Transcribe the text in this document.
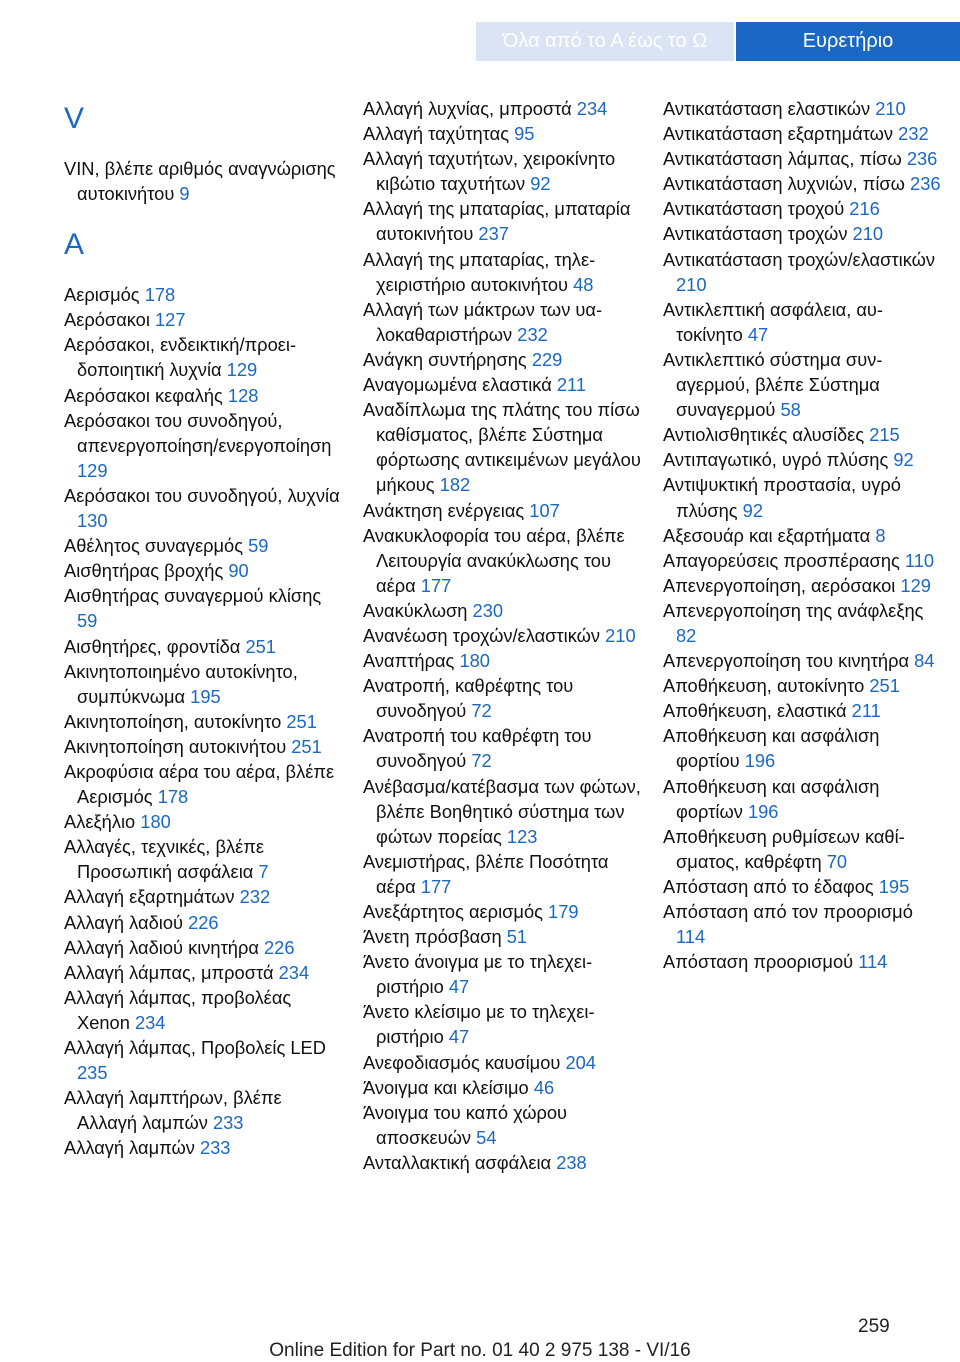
Όλα από το Α έως το Ω	Ευρετήριο
V
VIN, βλέπε αριθμός αναγνώρισης αυτοκινήτου 9
A
Αερισμός 178
Αερόσακοι 127
Αερόσακοι, ενδεικτική/προειδοποιητική λυχνία 129
Αερόσακοι κεφαλής 128
Αερόσακοι του συνοδηγού, απενεργοποίηση/ενεργοποίηση 129
Αερόσακοι του συνοδηγού, λυχνία 130
Αθέλητος συναγερμός 59
Αισθητήρας βροχής 90
Αισθητήρας συναγερμού κλίσης 59
Αισθητήρες, φροντίδα 251
Ακινητοποιημένο αυτοκίνητο, συμπύκνωμα 195
Ακινητοποίηση, αυτοκίνητο 251
Ακινητοποίηση αυτοκινήτου 251
Ακροφύσια αέρα του αέρα, βλέπε Αερισμός 178
Αλεξήλιο 180
Αλλαγές, τεχνικές, βλέπε Προσωπική ασφάλεια 7
Αλλαγή εξαρτημάτων 232
Αλλαγή λαδιού 226
Αλλαγή λαδιού κινητήρα 226
Αλλαγή λάμπας, μπροστά 234
Αλλαγή λάμπας, προβολέας Xenon 234
Αλλαγή λάμπας, Προβολείς LED 235
Αλλαγή λαμπτήρων, βλέπε Αλλαγή λαμπών 233
Αλλαγή λαμπών 233
Αλλαγή λυχνίας, μπροστά 234
Αλλαγή ταχύτητας 95
Αλλαγή ταχυτήτων, χειροκίνητο κιβώτιο ταχυτήτων 92
Αλλαγή της μπαταρίας, μπαταρία αυτοκινήτου 237
Αλλαγή της μπαταρίας, τηλεχειριστήριο αυτοκινήτου 48
Αλλαγή των μάκτρων των υαλοκαθαριστήρων 232
Ανάγκη συντήρησης 229
Αναγομωμένα ελαστικά 211
Αναδίπλωμα της πλάτης του πίσω καθίσματος, βλέπε Σύστημα φόρτωσης αντικειμένων μεγάλου μήκους 182
Ανάκτηση ενέργειας 107
Ανακυκλοφορία του αέρα, βλέπε Λειτουργία ανακύκλωσης του αέρα 177
Ανακύκλωση 230
Ανανέωση τροχών/ελαστικών 210
Αναπτήρας 180
Ανατροπή, καθρέφτης του συνοδηγού 72
Ανατροπή του καθρέφτη του συνοδηγού 72
Ανέβασμα/κατέβασμα των φώτων, βλέπε Βοηθητικό σύστημα των φώτων πορείας 123
Ανεμιστήρας, βλέπε Ποσότητα αέρα 177
Ανεξάρτητος αερισμός 179
Άνετη πρόσβαση 51
Άνετο άνοιγμα με το τηλεχειριστήριο 47
Άνετο κλείσιμο με το τηλεχειριστήριο 47
Ανεφοδιασμός καυσίμου 204
Άνοιγμα και κλείσιμο 46
Άνοιγμα του καπό χώρου αποσκευών 54
Ανταλλακτική ασφάλεια 238
Αντικατάσταση ελαστικών 210
Αντικατάσταση εξαρτημάτων 232
Αντικατάσταση λάμπας, πίσω 236
Αντικατάσταση λυχνιών, πίσω 236
Αντικατάσταση τροχού 216
Αντικατάσταση τροχών 210
Αντικατάσταση τροχών/ελαστικών 210
Αντικλεπτική ασφάλεια, αυτοκίνητο 47
Αντικλεπτικό σύστημα συναγερμού, βλέπε Σύστημα συναγερμού 58
Αντιολισθητικές αλυσίδες 215
Αντιπαγωτικό, υγρό πλύσης 92
Αντιψυκτική προστασία, υγρό πλύσης 92
Αξεσουάρ και εξαρτήματα 8
Απαγορεύσεις προσπέρασης 110
Απενεργοποίηση, αερόσακοι 129
Απενεργοποίηση της ανάφλεξης 82
Απενεργοποίηση του κινητήρα 84
Αποθήκευση, αυτοκίνητο 251
Αποθήκευση, ελαστικά 211
Αποθήκευση και ασφάλιση φορτίου 196
Αποθήκευση και ασφάλιση φορτίων 196
Αποθήκευση ρυθμίσεων καθίσματος, καθρέφτη 70
Απόσταση από το έδαφος 195
Απόσταση από τον προορισμό 114
Απόσταση προορισμού 114
259
Online Edition for Part no. 01 40 2 975 138 - VI/16
